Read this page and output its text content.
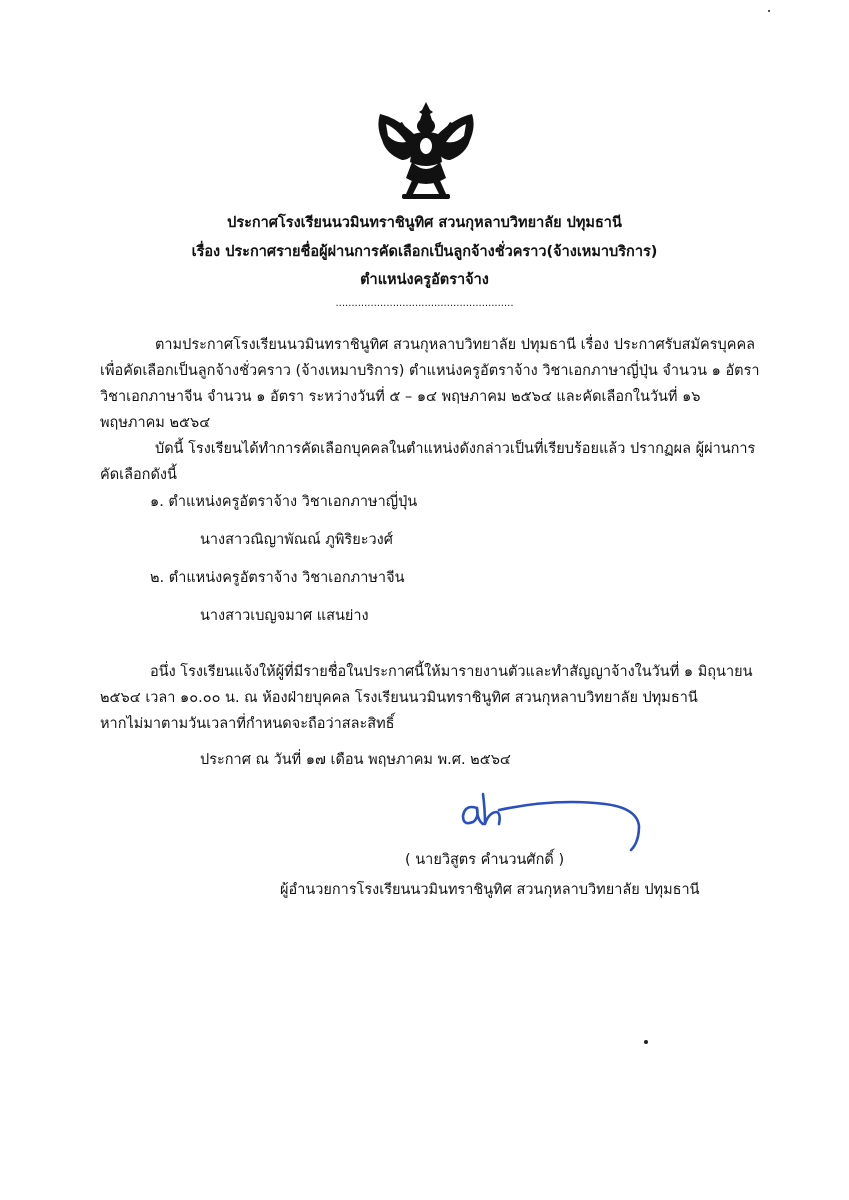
ประกาศโรงเรียนนวมินทราชินูทิศ สวนกุหลาบวิทยาลัย ปทุมธานี
เรื่อง ประกาศรายชื่อผู้ผ่านการคัดเลือกเป็นลูกจ้างชั่วคราว(จ้างเหมาบริการ)
ตำแหน่งครูอัตราจ้าง
........................................................
ตามประกาศโรงเรียนนวมินทราชินูทิศ สวนกุหลาบวิทยาลัย ปทุมธานี เรื่อง ประกาศรับสมัครบุคคล
เพื่อคัดเลือกเป็นลูกจ้างชั่วคราว (จ้างเหมาบริการ) ตำแหน่งครูอัตราจ้าง วิชาเอกภาษาญี่ปุ่น จำนวน ๑ อัตรา
วิชาเอกภาษาจีน จำนวน ๑ อัตรา ระหว่างวันที่ ๕ – ๑๔ พฤษภาคม ๒๕๖๔ และคัดเลือกในวันที่ ๑๖
พฤษภาคม ๒๕๖๔
บัดนี้ โรงเรียนได้ทำการคัดเลือกบุคคลในตำแหน่งดังกล่าวเป็นที่เรียบร้อยแล้ว ปรากฏผล ผู้ผ่านการ
คัดเลือกดังนี้
๑. ตำแหน่งครูอัตราจ้าง วิชาเอกภาษาญี่ปุ่น
นางสาวณิญาพัณณ์ ภูพิริยะวงศ์
๒. ตำแหน่งครูอัตราจ้าง วิชาเอกภาษาจีน
นางสาวเบญจมาศ แสนย่าง
อนึ่ง โรงเรียนแจ้งให้ผู้ที่มีรายชื่อในประกาศนี้ให้มารายงานตัวและทำสัญญาจ้างในวันที่ ๑ มิถุนายน
๒๕๖๔ เวลา ๑๐.๐๐ น. ณ ห้องฝ่ายบุคคล โรงเรียนนวมินทราชินูทิศ สวนกุหลาบวิทยาลัย ปทุมธานี
หากไม่มาตามวันเวลาที่กำหนดจะถือว่าสละสิทธิ์
ประกาศ ณ วันที่ ๑๗ เดือน พฤษภาคม พ.ศ. ๒๕๖๔
( นายวิสูตร คำนวนศักดิ์ )
ผู้อำนวยการโรงเรียนนวมินทราชินูทิศ สวนกุหลาบวิทยาลัย ปทุมธานี
